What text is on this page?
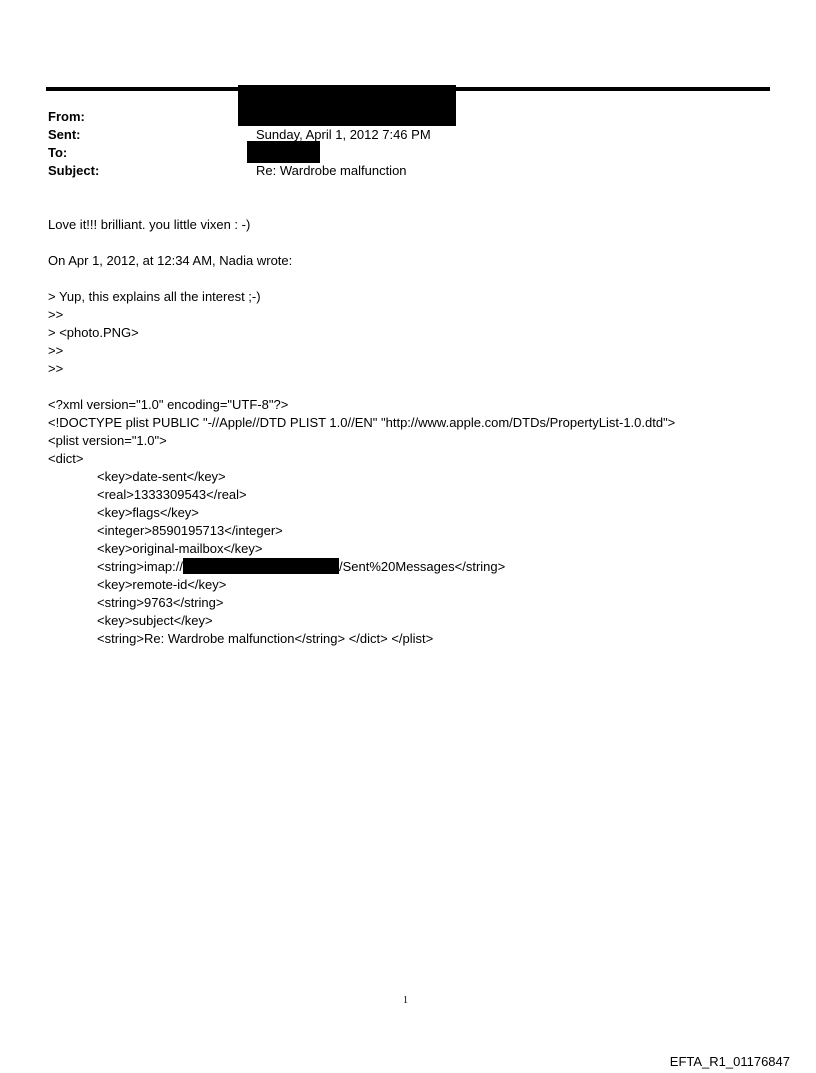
From:
Sent:	Sunday, April 1, 2012 7:46 PM
To:
Subject:	Re: Wardrobe malfunction
Love it!!! brilliant. you little vixen : -)
On Apr 1, 2012, at 12:34 AM, Nadia wrote:
> Yup, this explains all the interest ;-)
>>
> <photo.PNG>
>>
>>
<?xml version="1.0" encoding="UTF-8"?>
<!DOCTYPE plist PUBLIC "-//Apple//DTD PLIST 1.0//EN" "http://www.apple.com/DTDs/PropertyList-1.0.dtd">
<plist version="1.0">
<dict>
<key>date-sent</key>
<real>1333309543</real>
<key>flags</key>
<integer>8590195713</integer>
<key>original-mailbox</key>
<string>imap://	/Sent%20Messages</string>
<key>remote-id</key>
<string>9763</string>
<key>subject</key>
<string>Re: Wardrobe malfunction</string> </dict> </plist>
1
EFTA_R1_01176847
